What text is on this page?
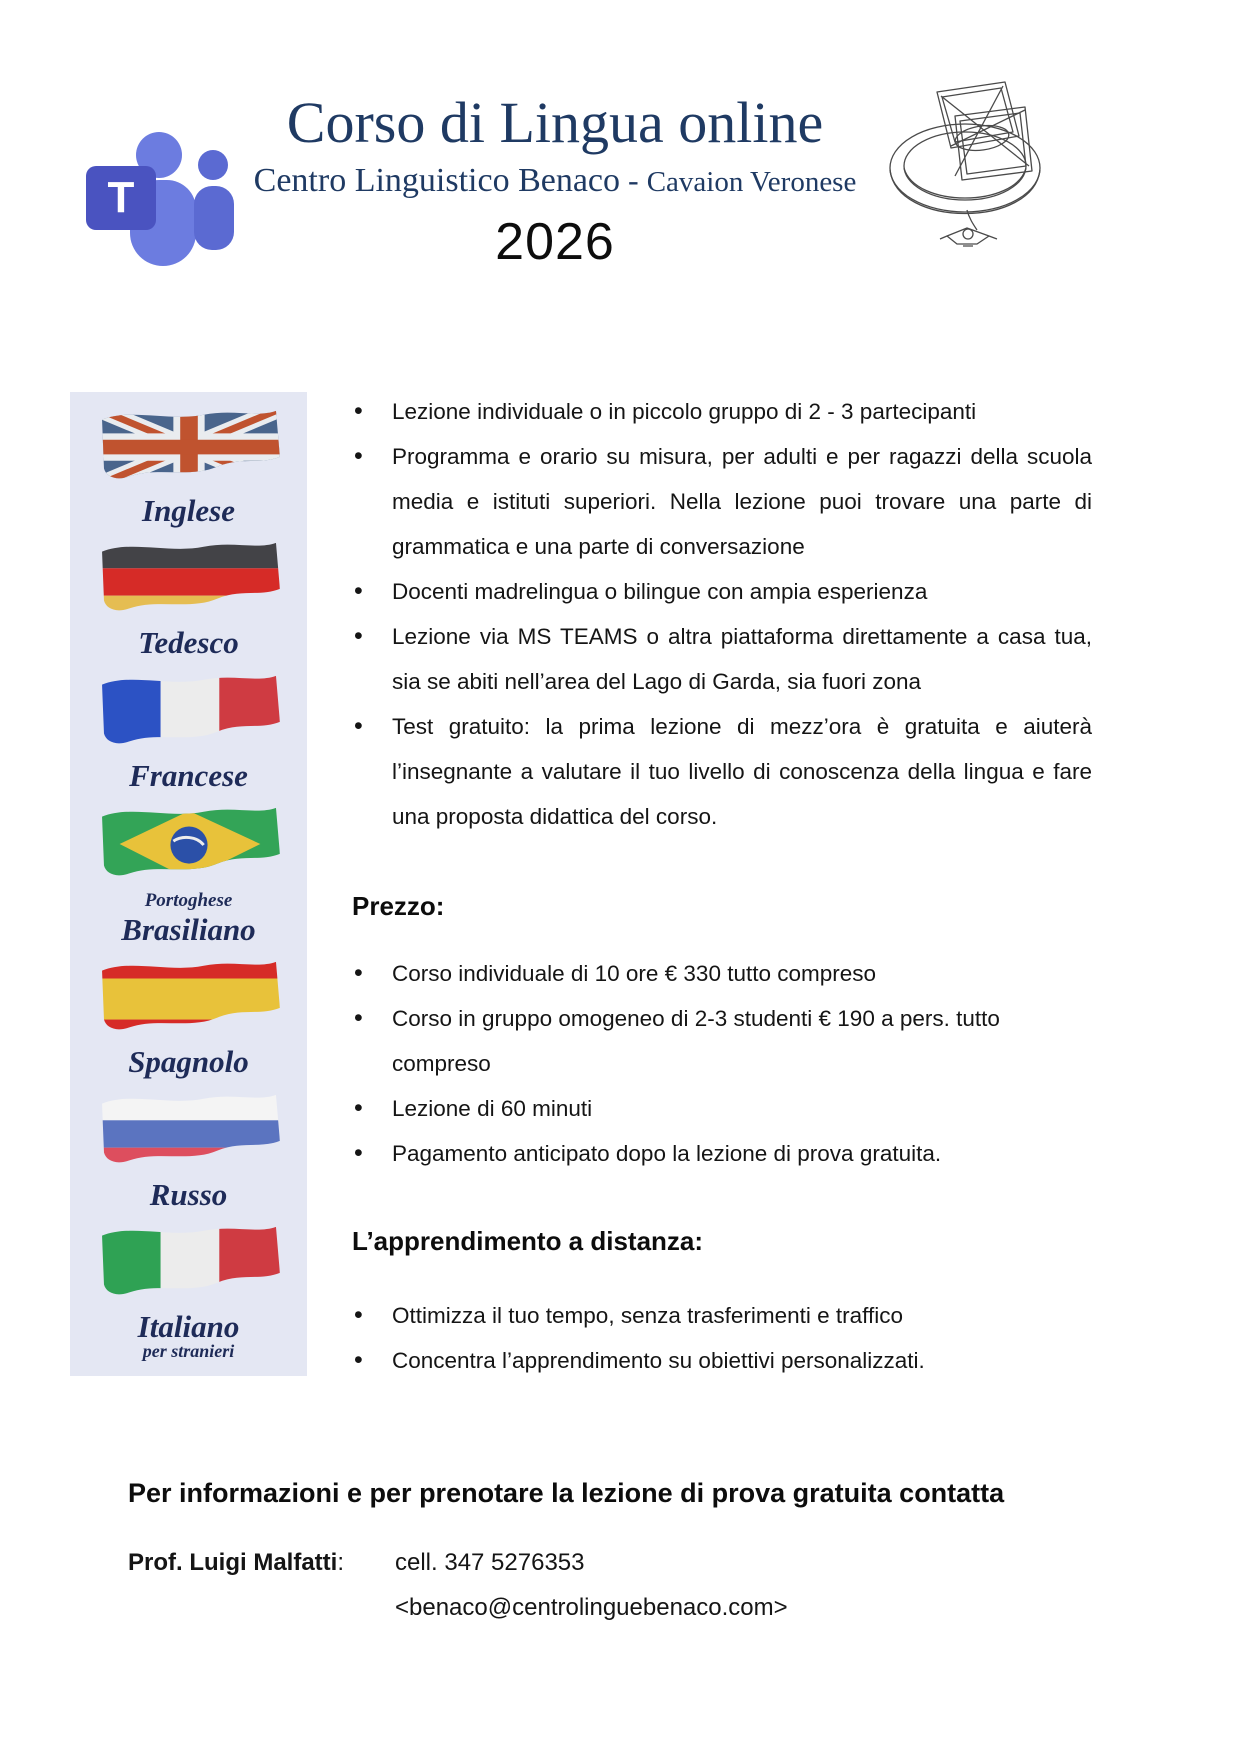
T
Corso di Lingua online
Centro Linguistico Benaco - Cavaion Veronese
2026
Inglese
Tedesco
Francese
Portoghese
Brasiliano
Spagnolo
Russo
Italiano
per stranieri
• Lezione individuale o in piccolo gruppo di 2 - 3 partecipanti
• Programma e orario su misura, per adulti e per ragazzi della scuola media e istituti superiori. Nella lezione puoi trovare una parte di grammatica e una parte di conversazione
• Docenti madrelingua o bilingue con ampia esperienza
• Lezione via MS TEAMS o altra piattaforma direttamente a casa tua, sia se abiti nell’area del Lago di Garda, sia fuori zona
• Test gratuito: la prima lezione di mezz’ora è gratuita e aiuterà l’insegnante a valutare il tuo livello di conoscenza della lingua e fare una proposta didattica del corso.
Prezzo:
• Corso individuale di 10 ore € 330 tutto compreso
• Corso in gruppo omogeneo di 2-3 studenti € 190 a pers. tutto compreso
• Lezione di 60 minuti
• Pagamento anticipato dopo la lezione di prova gratuita.
L’apprendimento a distanza:
• Ottimizza il tuo tempo, senza trasferimenti e traffico
• Concentra l’apprendimento su obiettivi personalizzati.
Per informazioni e per prenotare la lezione di prova gratuita contatta
Prof. Luigi Malfatti:	cell. 347 5276353
<benaco@centrolinguebenaco.com>
